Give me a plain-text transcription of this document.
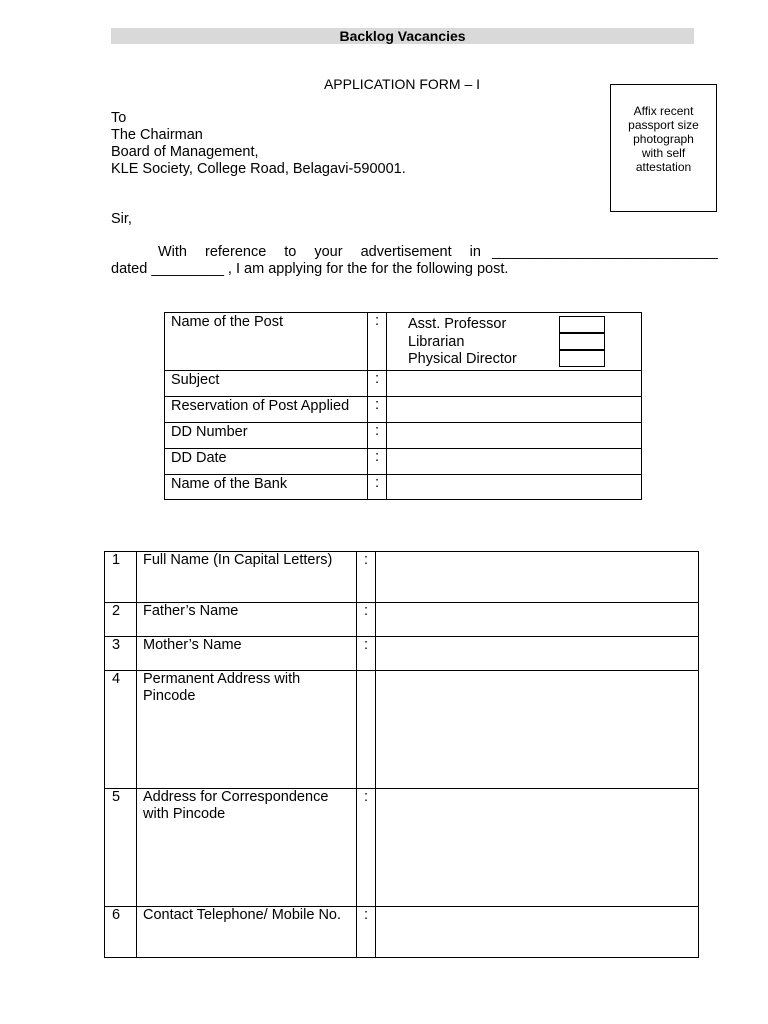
Backlog Vacancies
APPLICATION FORM – I
To
The Chairman
Board of Management,
KLE Society, College Road, Belagavi-590001.
Affix recent
passport size
photograph
with self
attestation
Sir,
With reference to your advertisement in ____________________________
dated _________ , I am applying for the for the following post.
Name of the Post	:	Asst. Professor
Librarian
Physical Director

Subject	:	
Reservation of Post Applied	:	
DD Number	:	
DD Date	:	
Name of the Bank	:	
1	Full Name (In Capital Letters)	:	
2	Father’s Name	:	
3	Mother’s Name	:	
4	Permanent Address with Pincode		
5	Address for Correspondence with Pincode	:	
6	Contact Telephone/ Mobile No.	:	
